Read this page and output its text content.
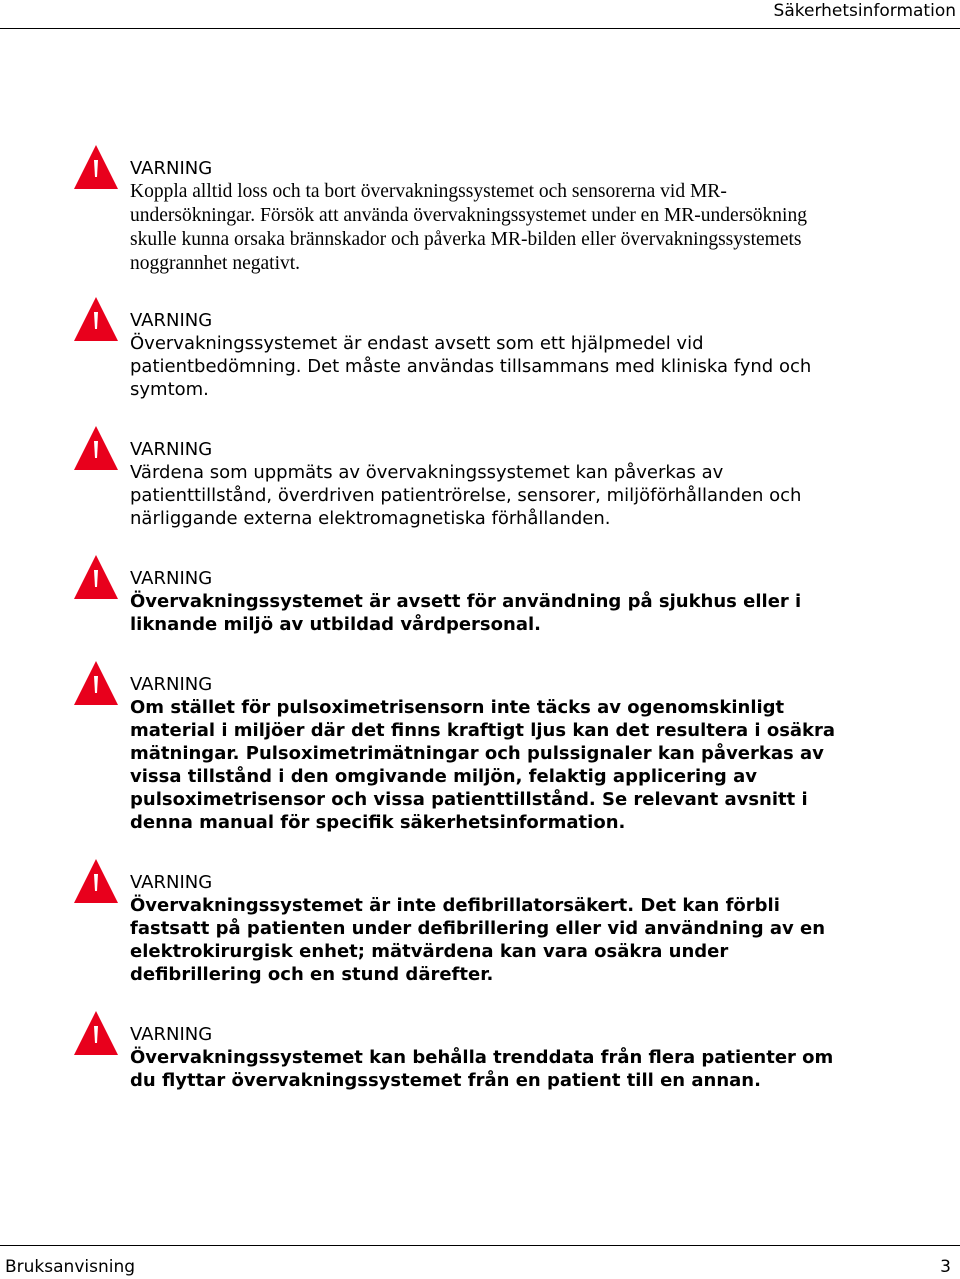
Säkerhetsinformation
VARNING
Koppla alltid loss och ta bort övervakningssystemet och sensorerna vid MR-undersökningar. Försök att använda övervakningssystemet under en MR-undersökning skulle kunna orsaka brännskador och påverka MR-bilden eller övervakningssystemets noggrannhet negativt.
VARNING
Övervakningssystemet är endast avsett som ett hjälpmedel vid patientbedömning. Det måste användas tillsammans med kliniska fynd och symtom.
VARNING
Värdena som uppmäts av övervakningssystemet kan påverkas av patienttillstånd, överdriven patientrörelse, sensorer, miljöförhållanden och närliggande externa elektromagnetiska förhållanden.
VARNING
Övervakningssystemet är avsett för användning på sjukhus eller i liknande miljö av utbildad vårdpersonal.
VARNING
Om stället för pulsoximetrisensorn inte täcks av ogenomskinligt material i miljöer där det finns kraftigt ljus kan det resultera i osäkra mätningar. Pulsoximetrimätningar och pulssignaler kan påverkas av vissa tillstånd i den omgivande miljön, felaktig applicering av pulsoximetrisensor och vissa patienttillstånd. Se relevant avsnitt i denna manual för specifik säkerhetsinformation.
VARNING
Övervakningssystemet är inte defibrillatorsäkert. Det kan förbli fastsatt på patienten under defibrillering eller vid användning av en elektrokirurgisk enhet; mätvärdena kan vara osäkra under defibrillering och en stund därefter.
VARNING
Övervakningssystemet kan behålla trenddata från flera patienter om du flyttar övervakningssystemet från en patient till en annan.
Bruksanvisning	3
